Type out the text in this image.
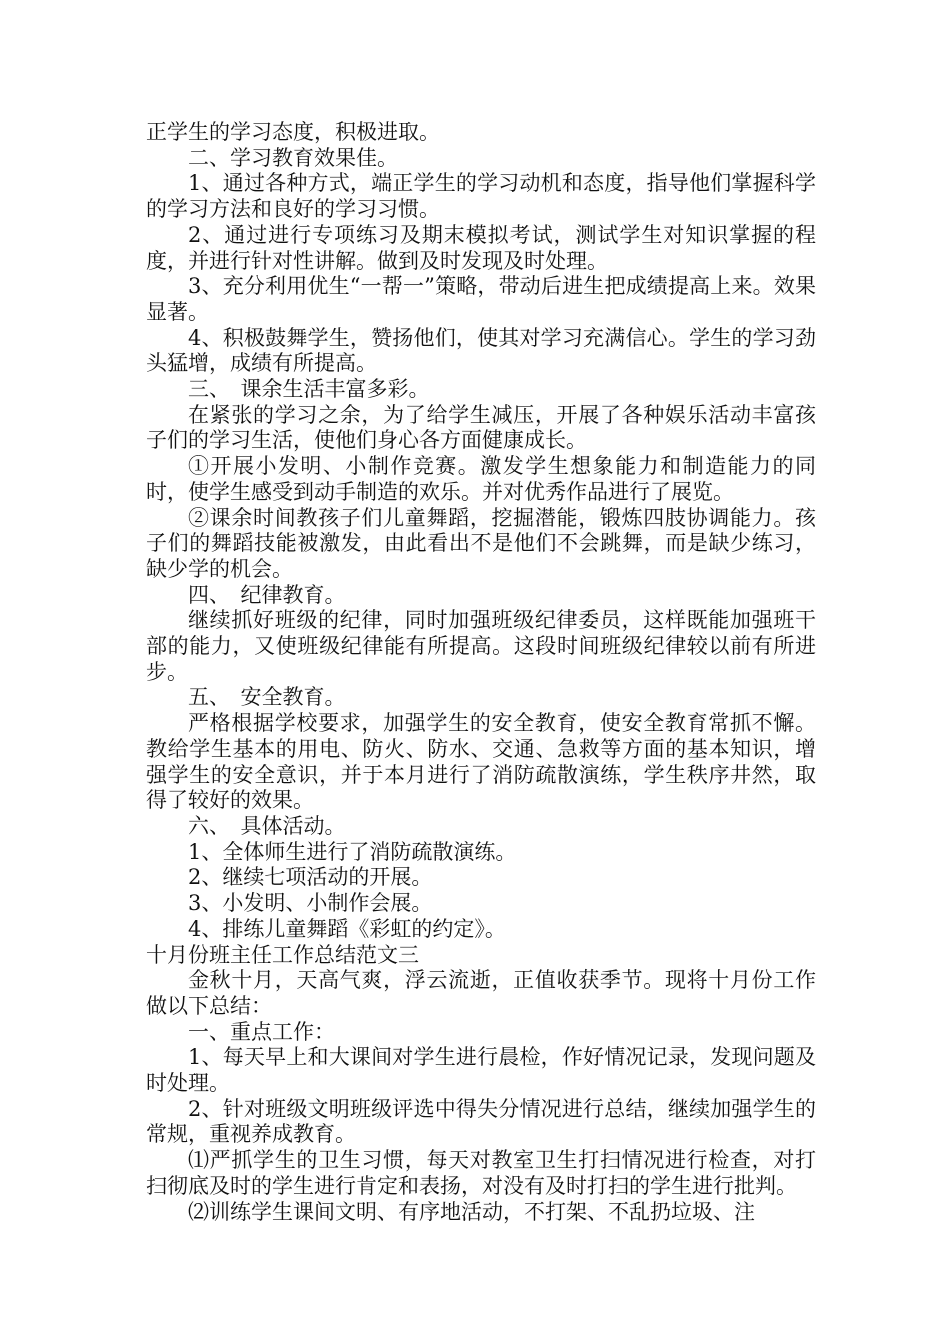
正学生的学习态度，积极进取。

二、学习教育效果佳。

1、通过各种方式，端正学生的学习动机和态度，指导他们掌握科学的学习方法和良好的学习习惯。

2、通过进行专项练习及期末模拟考试，测试学生对知识掌握的程度，并进行针对性讲解。做到及时发现及时处理。

3、充分利用优生“一帮一”策略，带动后进生把成绩提高上来。效果显著。

4、积极鼓舞学生，赞扬他们，使其对学习充满信心。学生的学习劲头猛增，成绩有所提高。

三、　课余生活丰富多彩。

在紧张的学习之余，为了给学生减压，开展了各种娱乐活动丰富孩子们的学习生活，使他们身心各方面健康成长。

①开展小发明、小制作竞赛。激发学生想象能力和制造能力的同时，使学生感受到动手制造的欢乐。并对优秀作品进行了展览。

②课余时间教孩子们儿童舞蹈，挖掘潜能，锻炼四肢协调能力。孩子们的舞蹈技能被激发，由此看出不是他们不会跳舞，而是缺少练习，缺少学的机会。

四、　纪律教育。

继续抓好班级的纪律，同时加强班级纪律委员，这样既能加强班干部的能力，又使班级纪律能有所提高。这段时间班级纪律较以前有所进步。

五、　安全教育。

严格根据学校要求，加强学生的安全教育，使安全教育常抓不懈。教给学生基本的用电、防火、防水、交通、急救等方面的基本知识，增强学生的安全意识，并于本月进行了消防疏散演练，学生秩序井然，取得了较好的效果。

六、　具体活动。

1、全体师生进行了消防疏散演练。

2、继续七项活动的开展。

3、小发明、小制作会展。

4、排练儿童舞蹈《彩虹的约定》。

十月份班主任工作总结范文三

金秋十月，天高气爽，浮云流逝，正值收获季节。现将十月份工作做以下总结：

一、重点工作：

1、每天早上和大课间对学生进行晨检，作好情况记录，发现问题及时处理。

2、针对班级文明班级评选中得失分情况进行总结，继续加强学生的常规，重视养成教育。

⑴严抓学生的卫生习惯，每天对教室卫生打扫情况进行检查，对打扫彻底及时的学生进行肯定和表扬，对没有及时打扫的学生进行批判。

⑵训练学生课间文明、有序地活动，不打架、不乱扔垃圾、注
